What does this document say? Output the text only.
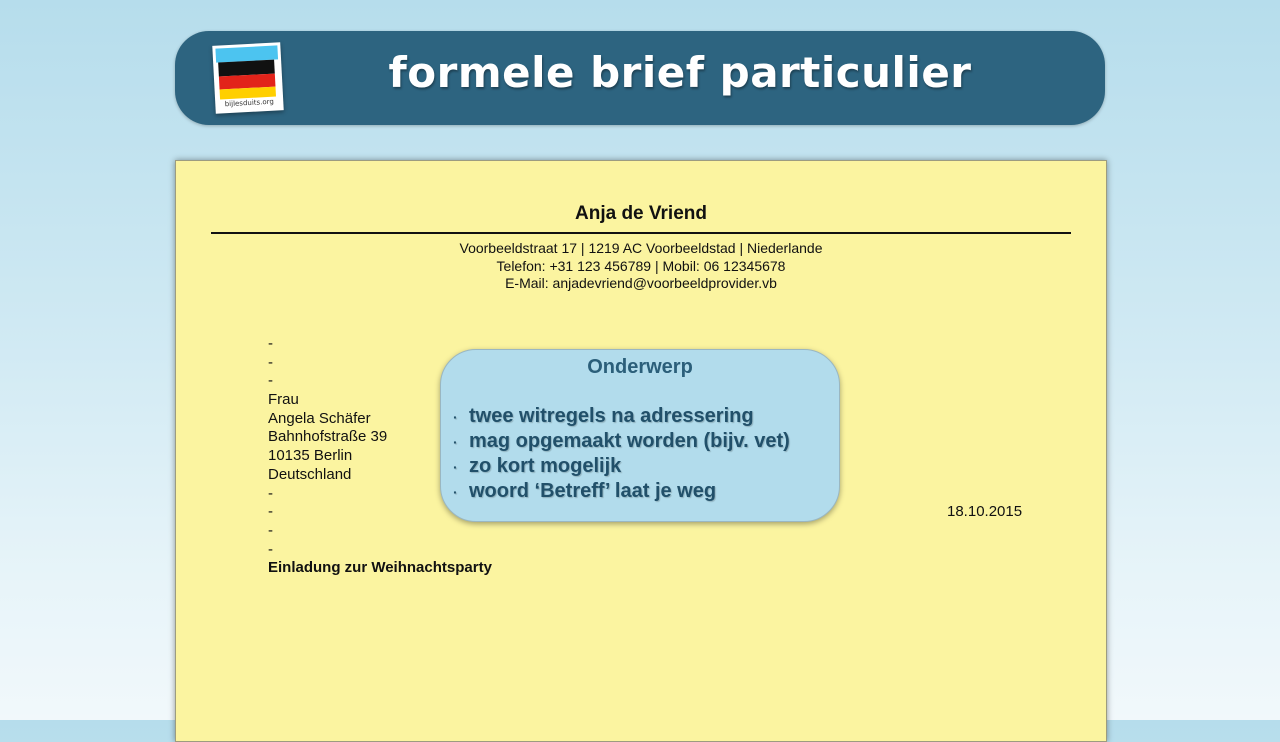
bijlesduits.org
formele brief particulier
Anja de Vriend
Voorbeeldstraat 17 | 1219 AC Voorbeeldstad | Niederlande
Telefon: +31 123 456789 | Mobil: 06 12345678
E-Mail: anjadevriend@voorbeeldprovider.vb
-
-
-
Frau
Angela Schäfer
Bahnhofstraße 39
10135 Berlin
Deutschland
-
-
-
-
Einladung zur Weihnachtsparty
18.10.2015
Onderwerp
· twee witregels na adressering
· mag opgemaakt worden (bijv. vet)
· zo kort mogelijk
· woord ‘Betreff’ laat je weg
